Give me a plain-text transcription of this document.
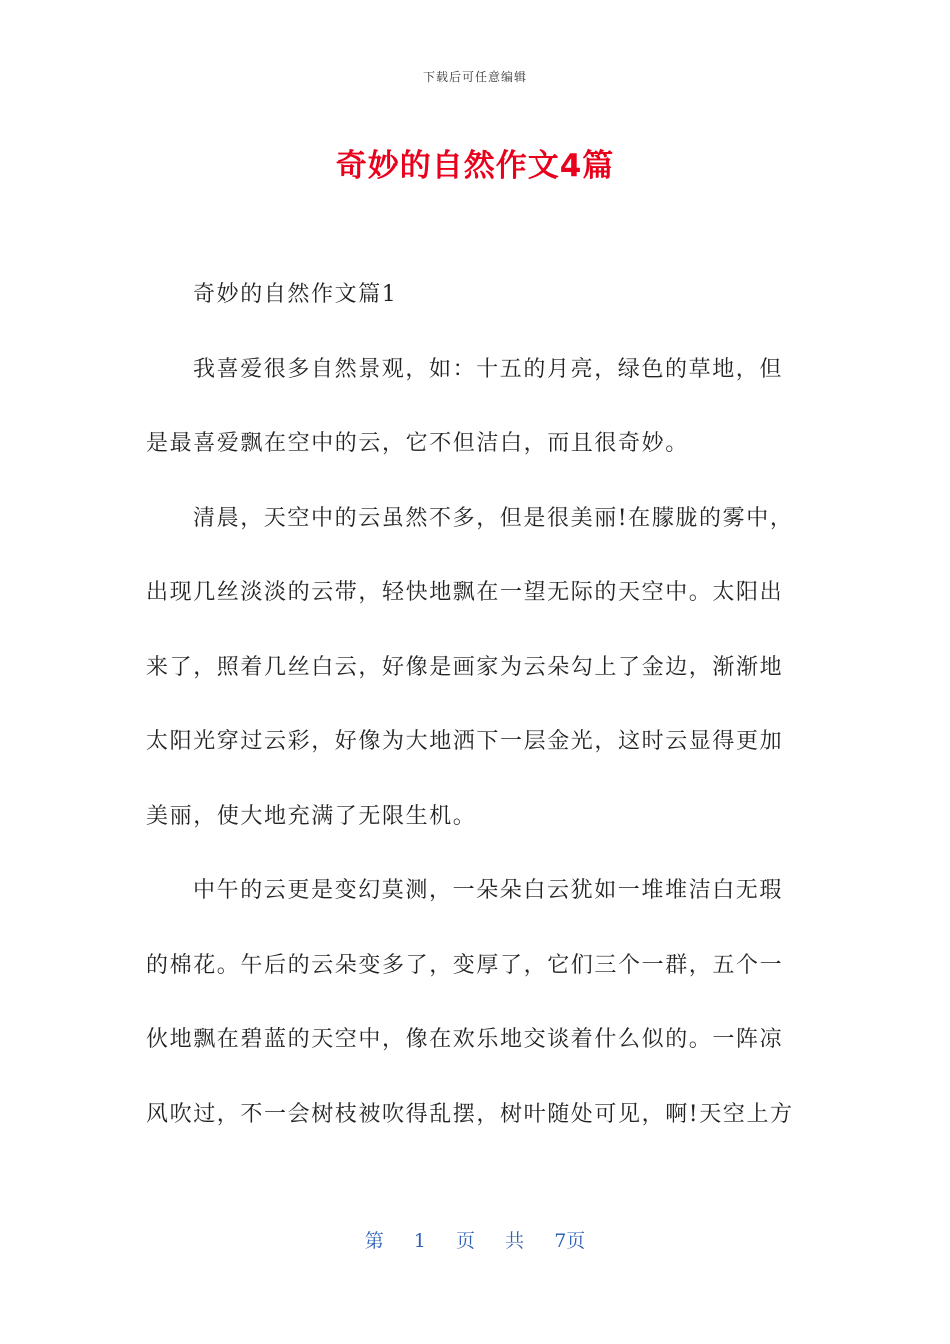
下载后可任意编辑
奇妙的自然作文4篇

奇妙的自然作文篇1

我喜爱很多自然景观，如：十五的月亮，绿色的草地，但是最喜爱飘在空中的云，它不但洁白，而且很奇妙。

清晨，天空中的云虽然不多，但是很美丽!在朦胧的雾中，出现几丝淡淡的云带，轻快地飘在一望无际的天空中。太阳出来了，照着几丝白云，好像是画家为云朵勾上了金边，渐渐地太阳光穿过云彩，好像为大地洒下一层金光，这时云显得更加美丽，使大地充满了无限生机。

中午的云更是变幻莫测，一朵朵白云犹如一堆堆洁白无瑕的棉花。午后的云朵变多了，变厚了，它们三个一群，五个一伙地飘在碧蓝的天空中，像在欢乐地交谈着什么似的。一阵凉风吹过，不一会树枝被吹得乱摆，树叶随处可见，啊!天空上方

第 1 页 共 7页
